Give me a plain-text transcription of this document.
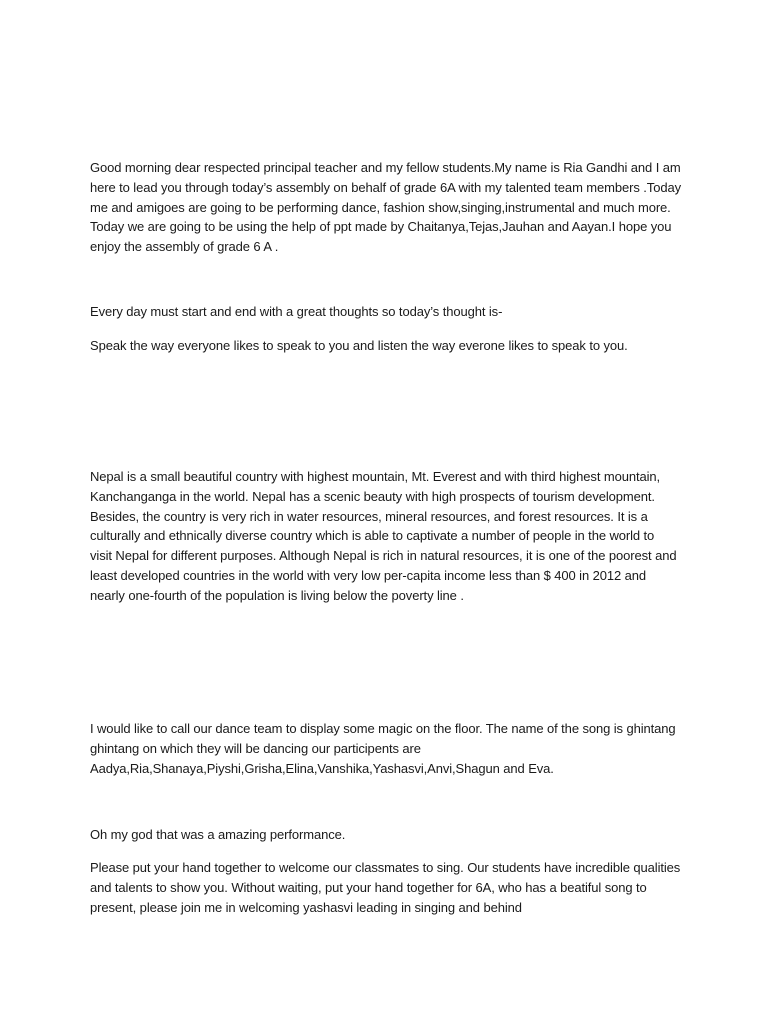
Good morning dear respected principal teacher and my fellow students.My name is Ria Gandhi and I am
here to lead you through today’s assembly on behalf of grade 6A with my talented team members .Today
me and amigoes are going to be performing dance, fashion show,singing,instrumental and much more.
Today we are going to be using the help of ppt made by Chaitanya,Tejas,Jauhan and Aayan.I hope you
enjoy the assembly of grade 6 A .

Every day must start and end with a great thoughts so today’s thought is-

Speak the way everyone likes to speak to you and listen the way everone likes to speak to you.

Nepal is a small beautiful country with highest mountain, Mt. Everest and with third highest mountain,
Kanchanganga in the world. Nepal has a scenic beauty with high prospects of tourism development.
Besides, the country is very rich in water resources, mineral resources, and forest resources. It is a
culturally and ethnically diverse country which is able to captivate a number of people in the world to
visit Nepal for different purposes. Although Nepal is rich in natural resources, it is one of the poorest and
least developed countries in the world with very low per-capita income less than $ 400 in 2012 and
nearly one-fourth of the population is living below the poverty line .

I would like to call our dance team to display some magic on the floor. The name of the song is ghintang
ghintang on which they will be dancing our participents are
Aadya,Ria,Shanaya,Piyshi,Grisha,Elina,Vanshika,Yashasvi,Anvi,Shagun and Eva.

Oh my god that was a amazing performance.

Please put your hand together to welcome our classmates to sing. Our students have incredible qualities
and talents to show you. Without waiting, put your hand together for 6A, who has a beatiful song to
present, please join me in welcoming yashasvi leading in singing and behind
